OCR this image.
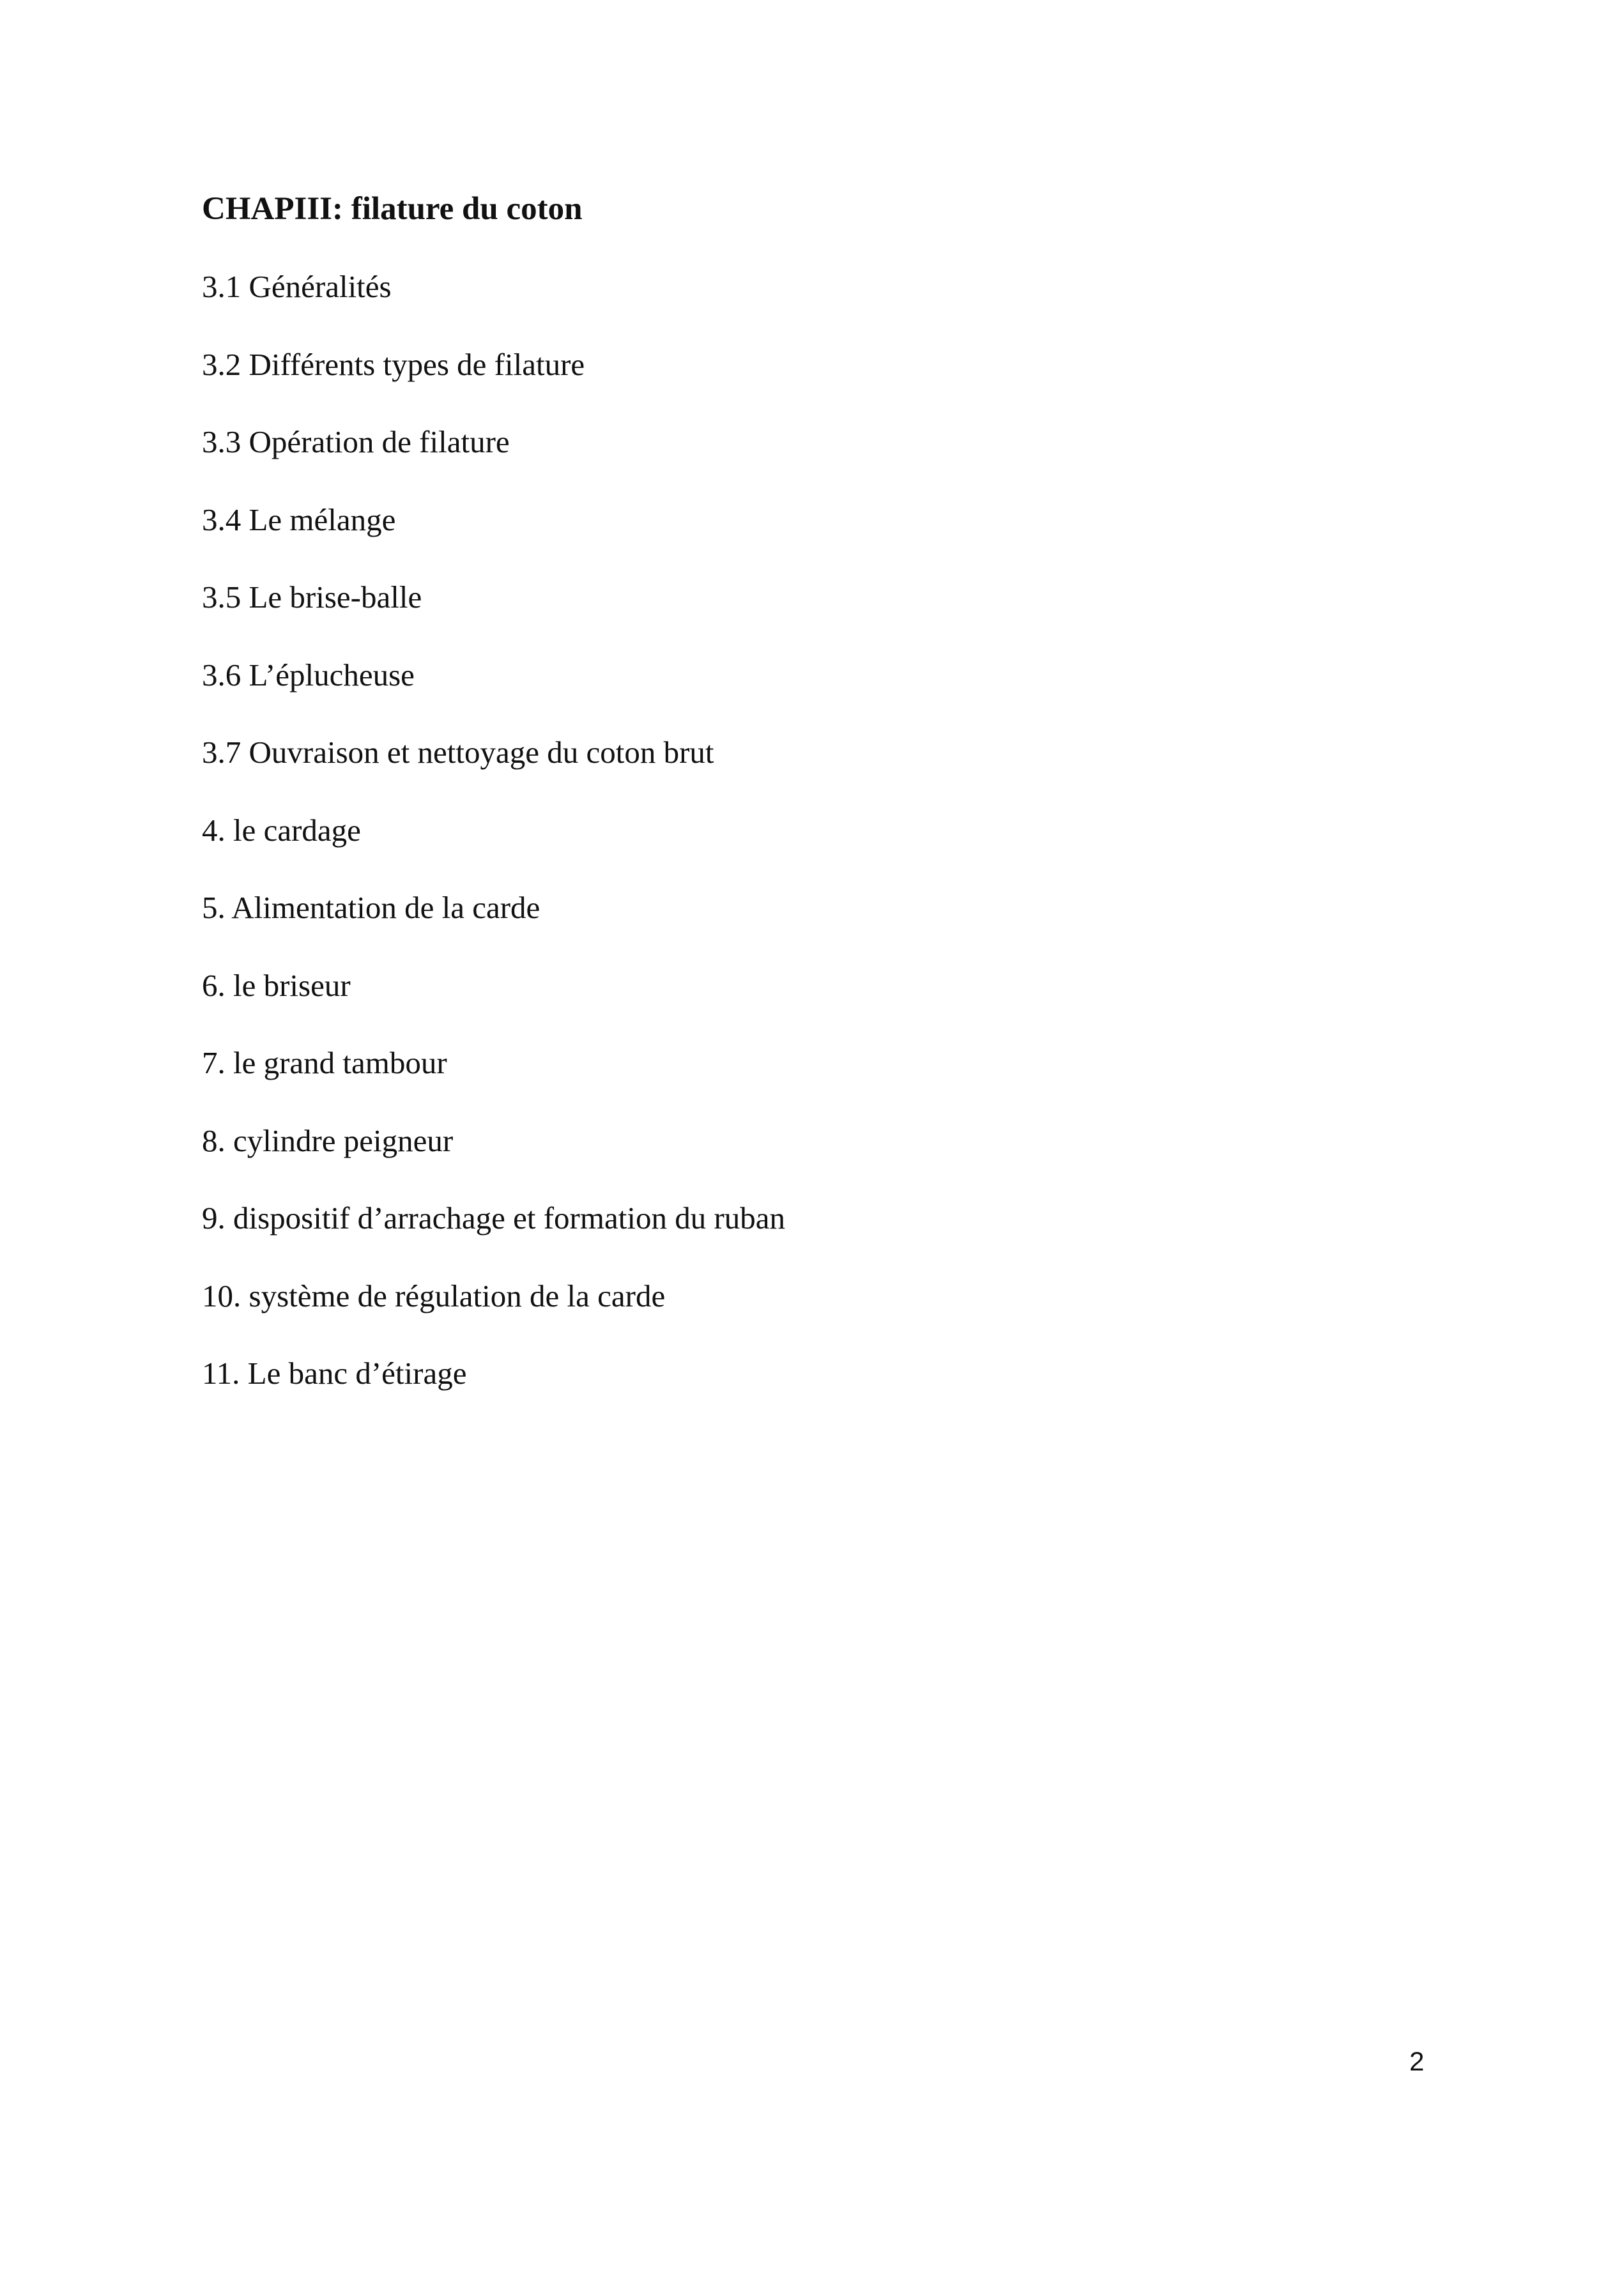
CHAPIII: filature du coton
3.1 Généralités
3.2 Différents types de filature
3.3 Opération de filature
3.4 Le mélange
3.5 Le brise-balle
3.6 L’éplucheuse
3.7 Ouvraison et nettoyage du coton brut
4. le cardage
5. Alimentation de la carde
6. le briseur
7. le grand tambour
8. cylindre peigneur
9. dispositif d’arrachage et formation du ruban
10. système de régulation de la carde
11. Le banc d’étirage
2
